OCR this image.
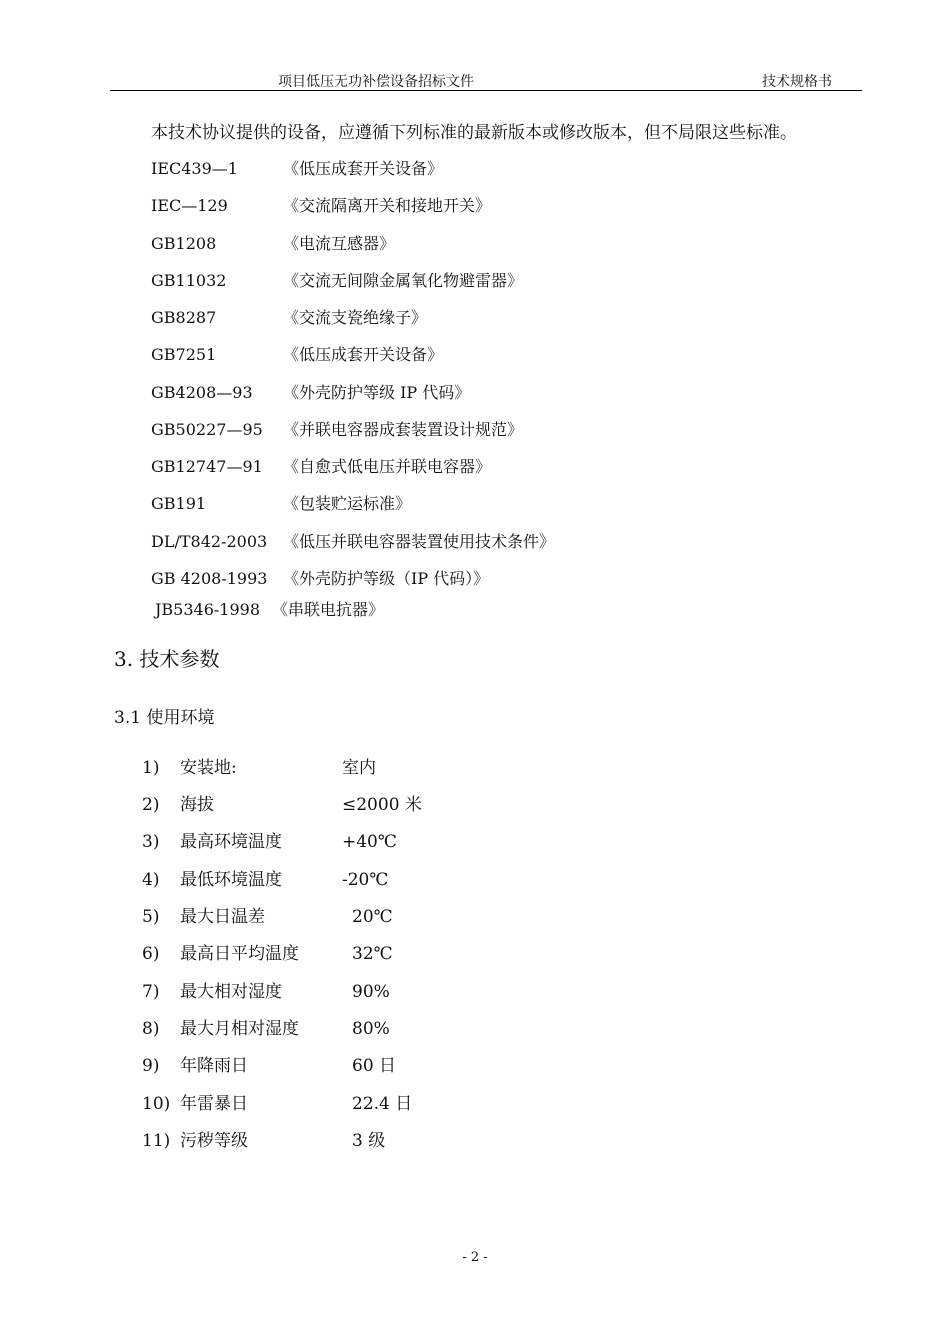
项目低压无功补偿设备招标文件	技术规格书
本技术协议提供的设备，应遵循下列标准的最新版本或修改版本，但不局限这些标准。
IEC439—1	《低压成套开关设备》
IEC—129	《交流隔离开关和接地开关》
GB1208	《电流互感器》
GB11032	《交流无间隙金属氧化物避雷器》
GB8287	《交流支瓷绝缘子》
GB7251	《低压成套开关设备》
GB4208—93 《外壳防护等级 IP 代码》
GB50227—95 《并联电容器成套装置设计规范》
GB12747—91 《自愈式低电压并联电容器》
GB191	《包装贮运标准》
DL/T842-2003 《低压并联电容器装置使用技术条件》
GB 4208-1993 《外壳防护等级（IP 代码）》
JB5346-1998 《串联电抗器》
3. 技术参数
3.1 使用环境
1) 安装地:	室内
2) 海拔	≤2000 米
3) 最高环境温度	+40℃
4) 最低环境温度	-20℃
5) 最大日温差	20℃
6) 最高日平均温度	32℃
7) 最大相对湿度	90%
8) 最大月相对湿度	80%
9) 年降雨日	60 日
10) 年雷暴日	22.4 日
11) 污秽等级	3 级
- 2 -
